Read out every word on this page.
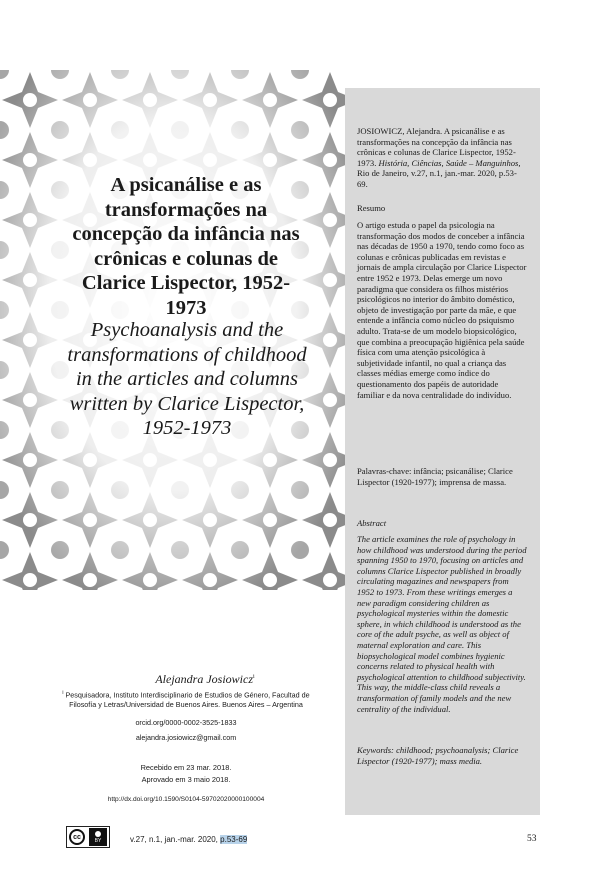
A psicanálise e as transformações na concepção da infância nas crônicas e colunas de Clarice Lispector, 1952-1973
Psychoanalysis and the transformations of childhood in the articles and columns written by Clarice Lispector, 1952-1973
Alejandra Josiowicz$^i$
$^i$ Pesquisadora, Instituto Interdisciplinario de Estudios de Género, Facultad de Filosofía y Letras/Universidad de Buenos Aires. Buenos Aires – Argentina
orcid.org/0000-0002-3525-1833
alejandra.josiowicz@gmail.com
Recebido em 23 mar. 2018.
Aprovado em 3 maio 2018.
http://dx.doi.org/10.1590/S0104-59702020000100004
JOSIOWICZ, Alejandra. A psicanálise e as transformações na concepção da infância nas crônicas e colunas de Clarice Lispector, 1952-1973. História, Ciências, Saúde – Manguinhos, Rio de Janeiro, v.27, n.1, jan.-mar. 2020, p.53-69.
Resumo
O artigo estuda o papel da psicologia na transformação dos modos de conceber a infância nas décadas de 1950 a 1970, tendo como foco as colunas e crônicas publicadas em revistas e jornais de ampla circulação por Clarice Lispector entre 1952 e 1973. Delas emerge um novo paradigma que considera os filhos mistérios psicológicos no interior do âmbito doméstico, objeto de investigação por parte da mãe, e que entende a infância como núcleo do psiquismo adulto. Trata-se de um modelo biopsicológico, que combina a preocupação higiênica pela saúde física com uma atenção psicológica à subjetividade infantil, no qual a criança das classes médias emerge como índice do questionamento dos papéis de autoridade familiar e da nova centralidade do indivíduo.
Palavras-chave: infância; psicanálise; Clarice Lispector (1920-1977); imprensa de massa.
Abstract
The article examines the role of psychology in how childhood was understood during the period spanning 1950 to 1970, focusing on articles and columns Clarice Lispector published in broadly circulating magazines and newspapers from 1952 to 1973. From these writings emerges a new paradigm considering children as psychological mysteries within the domestic sphere, in which childhood is understood as the core of the adult psyche, as well as object of maternal exploration and care. This biopsychological model combines hygienic concerns related to physical health with psychological attention to childhood subjectivity. This way, the middle-class child reveals a transformation of family models and the new centrality of the individual.
Keywords: childhood; psychoanalysis; Clarice Lispector (1920-1977); mass media.
cc	BY	v.27, n.1, jan.-mar. 2020, p.53-69	53
